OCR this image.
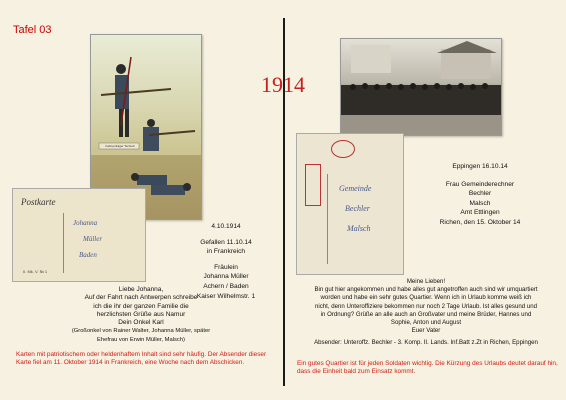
Tafel 03
1914
Fahnenträger Tschudi
Postkarte
Johanna
Müller
Baden
II. Mk. V. № 1
4.10.1914
Gefallen 11.10.14
in Frankreich
Fräulein
Johanna Müller
Achern / Baden
Kaiser Wilhelmstr. 1
Liebe Johanna,
Auf der Fahrt nach Antwerpen schreibe
ich die ihr der ganzen Familie die
herzlichsten Grüße aus Namur
Dein Onkel Karl
(Großonkel von Rainer Walter, Johanna Müller, später
Ehefrau von Erwin Müller, Malsch)
Karten mit patriotischem oder heldenhaftem Inhalt sind sehr häufig. Der Absender dieser Karte fiel am 11. Oktober 1914 in Frankreich, eine Woche nach dem Abschicken.
Gemeinde
Bechler
Malsch
Eppingen 16.10.14
Frau Gemeinderechner
Bechler
Malsch
Amt Ettlingen
Richen, den 15. Oktober 14
Meine Lieben!
Bin gut hier angekommen und habe alles gut angetroffen auch sind wir umquartiert
worden und habe ein sehr gutes Quartier. Wenn ich in Urlaub komme weiß ich
nicht, denn Unteroffiziere bekommen nur noch 2 Tage Urlaub. Ist alles gesund und
in Ordnung? Grüße an alle auch an Großvater und meine Brüder, Hannes und
Sophie, Anton und August
Euer Vater
Absender: Unteroffz. Bechler - 3. Komp. II. Lands. Inf.Batt z.Zt in Richen, Eppingen
Ein gutes Quartier ist für jeden Soldaten wichtig. Die Kürzung des Urlaubs deutet darauf hin, dass die Einheit bald zum Einsatz kommt.
